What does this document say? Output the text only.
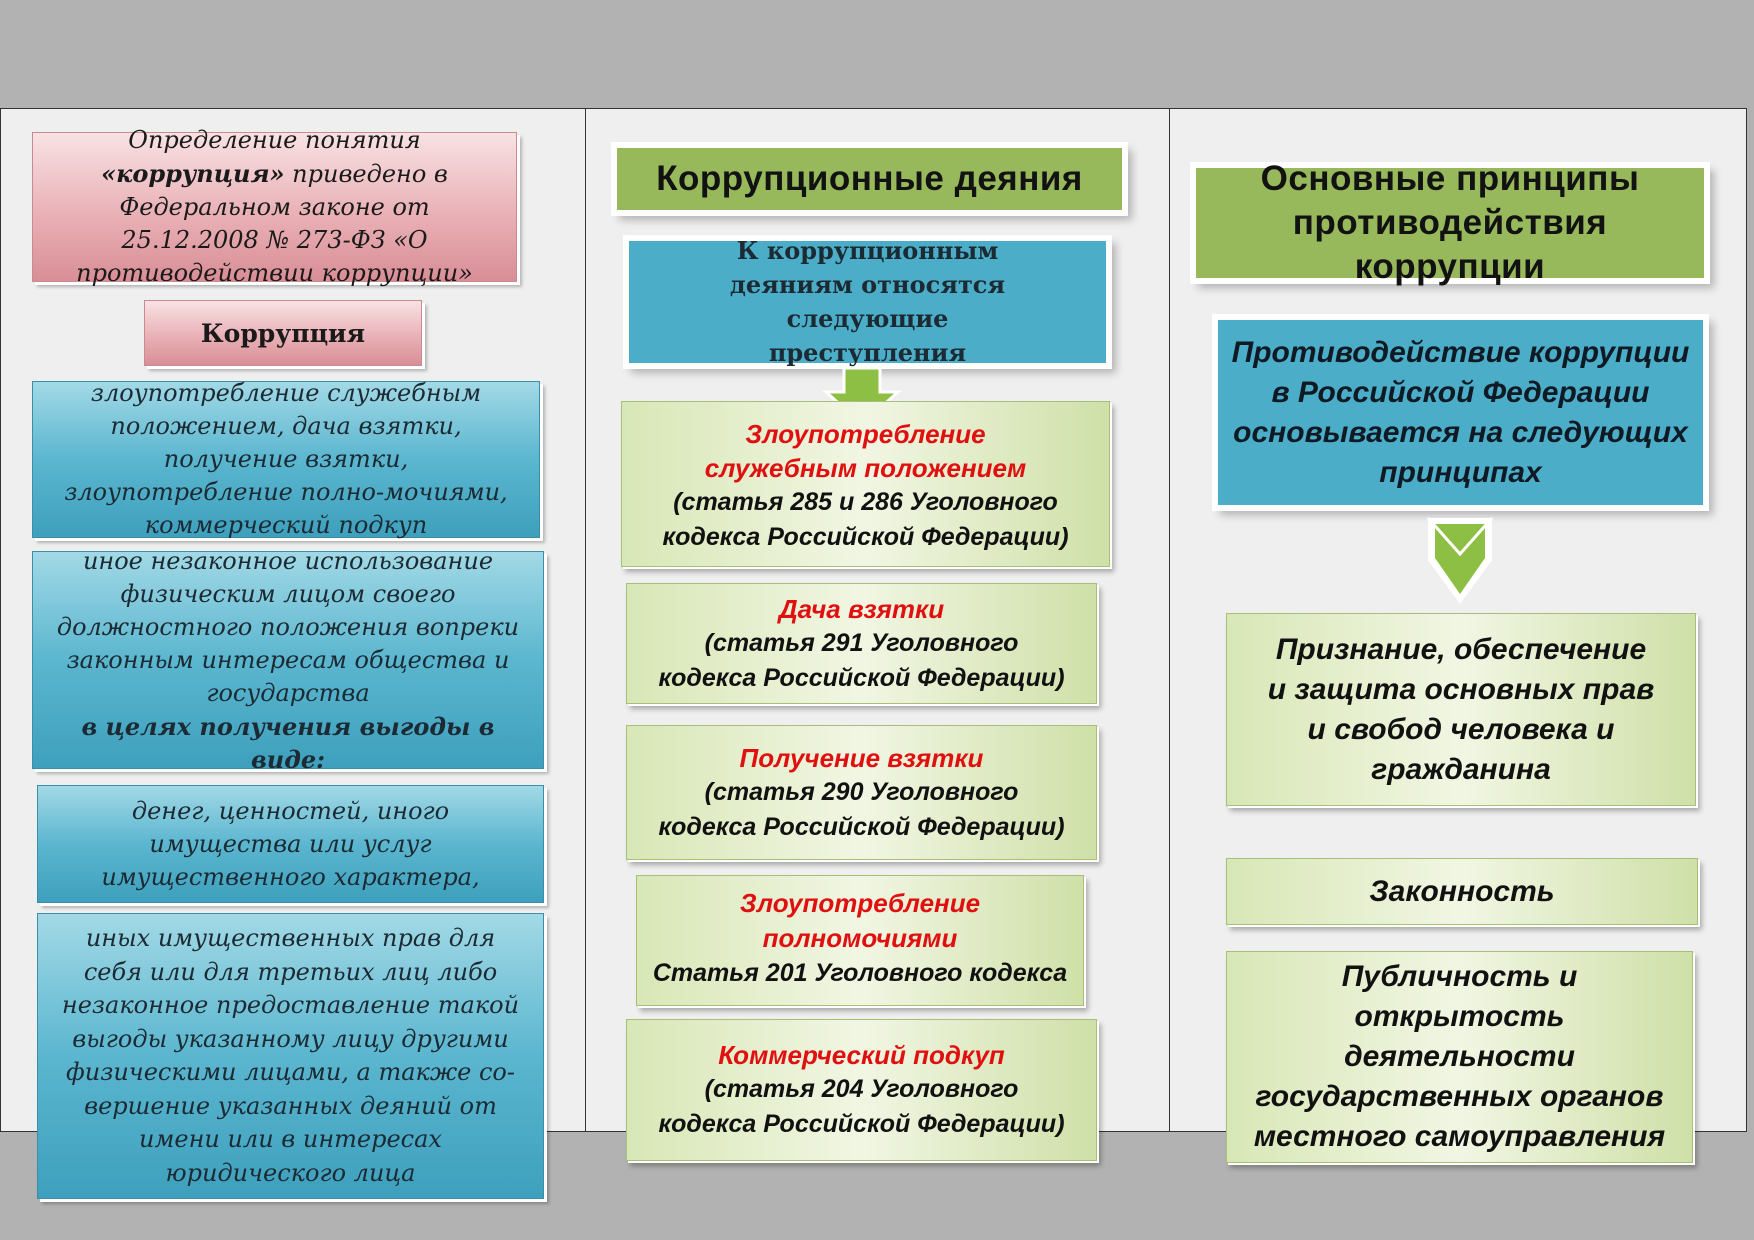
Определение понятия «коррупция» приведено в Федеральном законе от 25.12.2008 № 273-ФЗ «О противодействии коррупции»
Коррупция
злоупотребление служебным положением, дача взятки, получение взятки, злоупотребление полно-мочиями, коммерческий подкуп
иное незаконное использование физическим лицом своего должностного положения вопреки законным интересам общества и государства
в целях получения выгоды в виде:
денег, ценностей, иного имущества или услуг имущественного характера,
иных имущественных прав для себя или для третьих лиц либо незаконное предоставление такой выгоды указанному лицу другими физическими лицами, а также со-вершение указанных деяний от имени или в интересах юридического лица
Коррупционные деяния
К коррупционным деяниям относятся следующие преступления
Злоупотребление служебным положением
(статья 285 и 286 Уголовного кодекса Российской Федерации)
Дача взятки
(статья 291 Уголовного кодекса Российской Федерации)
Получение взятки
(статья 290 Уголовного кодекса Российской Федерации)
Злоупотребление полномочиями
Статья 201 Уголовного кодекса
Коммерческий подкуп
(статья 204 Уголовного кодекса Российской Федерации)
Основные принципы противодействия коррупции
Противодействие коррупции в Российской Федерации основывается на следующих принципах
Признание, обеспечение и защита основных прав и свобод человека и гражданина
Законность
Публичность и открытость деятельности государственных органов местного самоуправления
